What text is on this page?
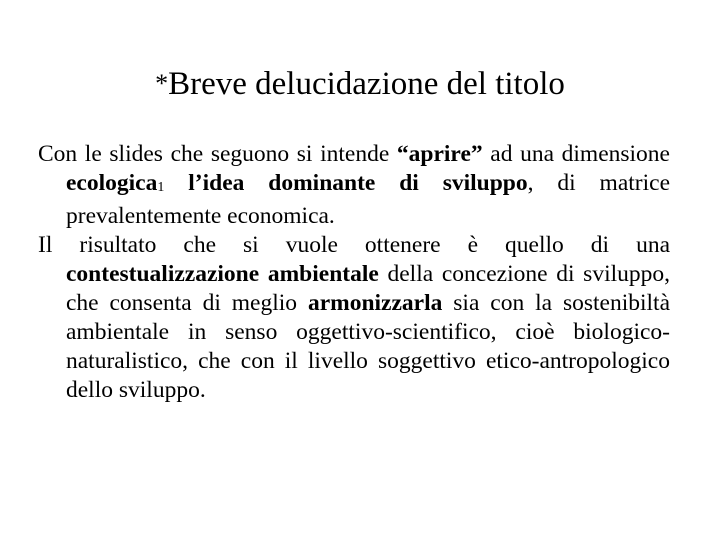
*Breve delucidazione del titolo

Con le slides che seguono si intende “aprire” ad una dimensione ecologica1 l’idea dominante di sviluppo, di matrice prevalentemente economica.

Il risultato che si vuole ottenere è quello di una contestualizzazione ambientale della concezione di sviluppo, che consenta di meglio armonizzarla sia con la sostenibiltà ambientale in senso oggettivo-scientifico, cioè biologico-naturalistico, che con il livello soggettivo etico-antropologico dello sviluppo.
